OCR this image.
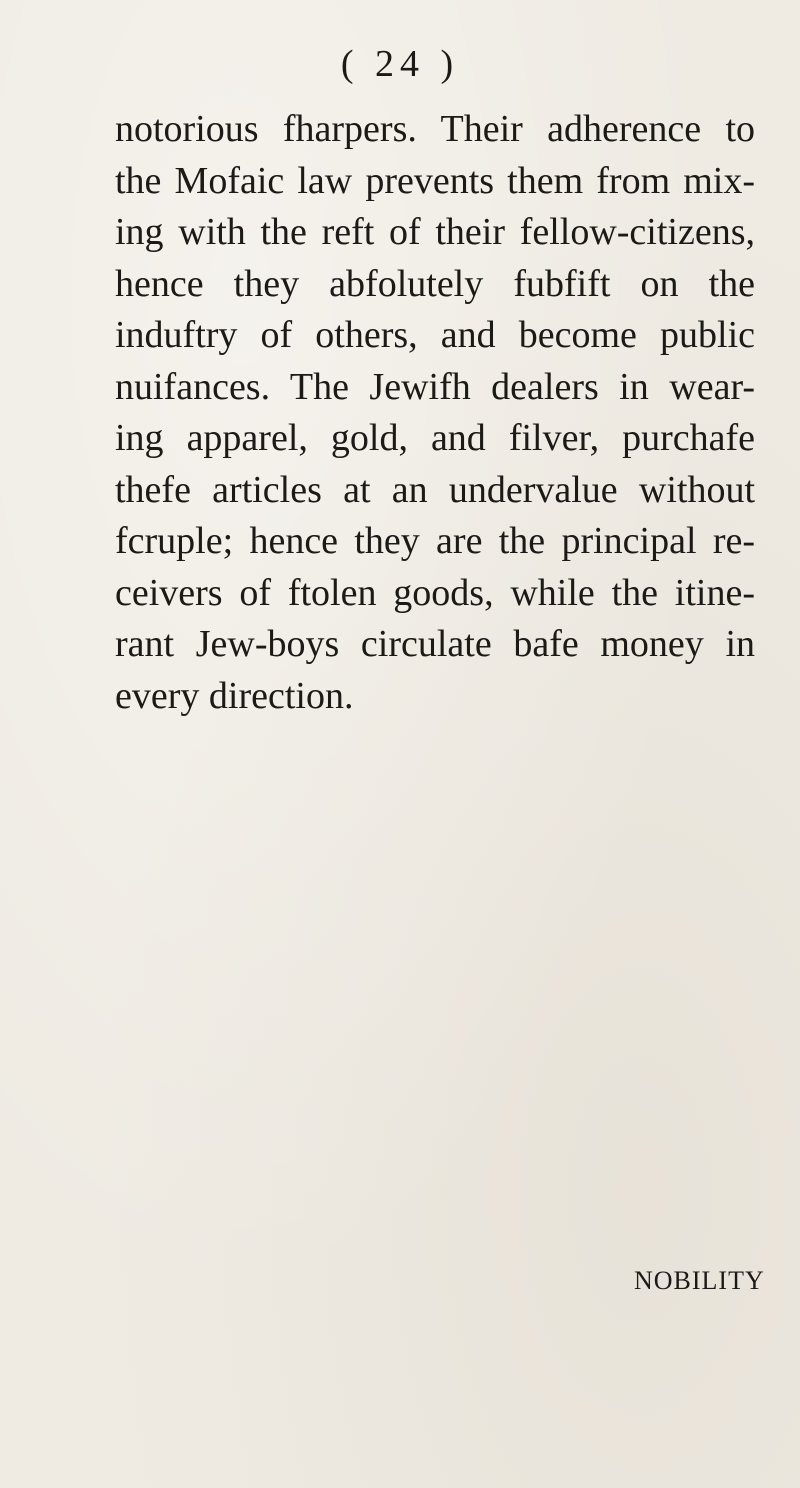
( 24 )
notorious fharpers. Their adherence to
the Mofaic law prevents them from mix-
ing with the reft of their fellow-citizens,
hence they abfolutely fubfift on the
induftry of others, and become public
nuifances. The Jewifh dealers in wear-
ing apparel, gold, and filver, purchafe
thefe articles at an undervalue without
fcruple; hence they are the principal re-
ceivers of ftolen goods, while the itine-
rant Jew-boys circulate bafe money in
every direction.
NOBILITY
